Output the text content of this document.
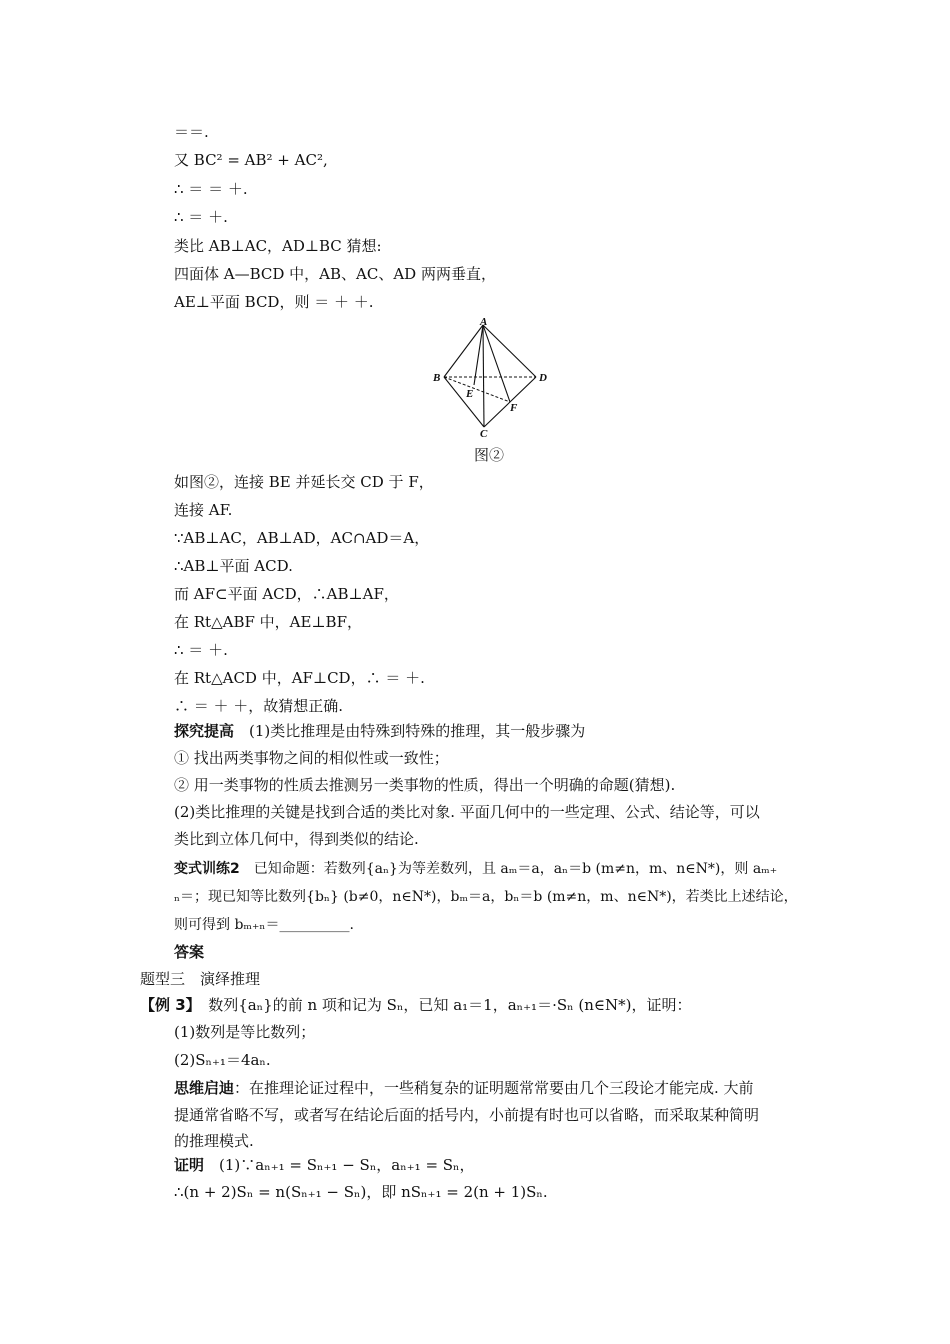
＝＝.
又 BC² = AB² + AC²,
∴ ＝ ＝ ＋.
∴ ＝ ＋.
类比 AB⊥AC，AD⊥BC 猜想:
四面体 A—BCD 中，AB、AC、AD 两两垂直，
AE⊥平面 BCD，则 ＝ ＋ ＋.
A
B	D
C
E
F
图②
如图②，连接 BE 并延长交 CD 于 F，
连接 AF.
∵AB⊥AC，AB⊥AD，AC∩AD＝A，
∴AB⊥平面 ACD.
而 AF⊂平面 ACD，∴AB⊥AF，
在 Rt△ABF 中，AE⊥BF，
∴ ＝ ＋.
在 Rt△ACD 中，AF⊥CD，∴ ＝ ＋.
∴ ＝ ＋ ＋，故猜想正确.
探究提高　 (1)类比推理是由特殊到特殊的推理，其一般步骤为
① 找出两类事物之间的相似性或一致性；
② 用一类事物的性质去推测另一类事物的性质，得出一个明确的命题(猜想).
(2)类比推理的关键是找到合适的类比对象. 平面几何中的一些定理、公式、结论等，可以
类比到立体几何中，得到类似的结论.
变式训练2　 已知命题：若数列{aₙ}为等差数列，且 aₘ＝a，aₙ＝b (m≠n，m、n∈N*)，则 aₘ₊
ₙ＝；现已知等比数列{bₙ} (b≠0，n∈N*)，bₘ＝a，bₙ＝b (m≠n，m、n∈N*)，若类比上述结论，
则可得到 bₘ₊ₙ＝__________.
答案
题型三　演绎推理
【例 3】　 数列{aₙ}的前 n 项和记为 Sₙ，已知 a₁＝1，aₙ₊₁＝·Sₙ (n∈N*)，证明：
(1)数列是等比数列；
(2)Sₙ₊₁＝4aₙ.
思维启迪：在推理论证过程中，一些稍复杂的证明题常常要由几个三段论才能完成. 大前
提通常省略不写，或者写在结论后面的括号内，小前提有时也可以省略，而采取某种简明
的推理模式.
证明　 (1)∵aₙ₊₁ = Sₙ₊₁ − Sₙ，aₙ₊₁ = Sₙ，
∴(n + 2)Sₙ = n(Sₙ₊₁ − Sₙ)，即 nSₙ₊₁ = 2(n + 1)Sₙ.
